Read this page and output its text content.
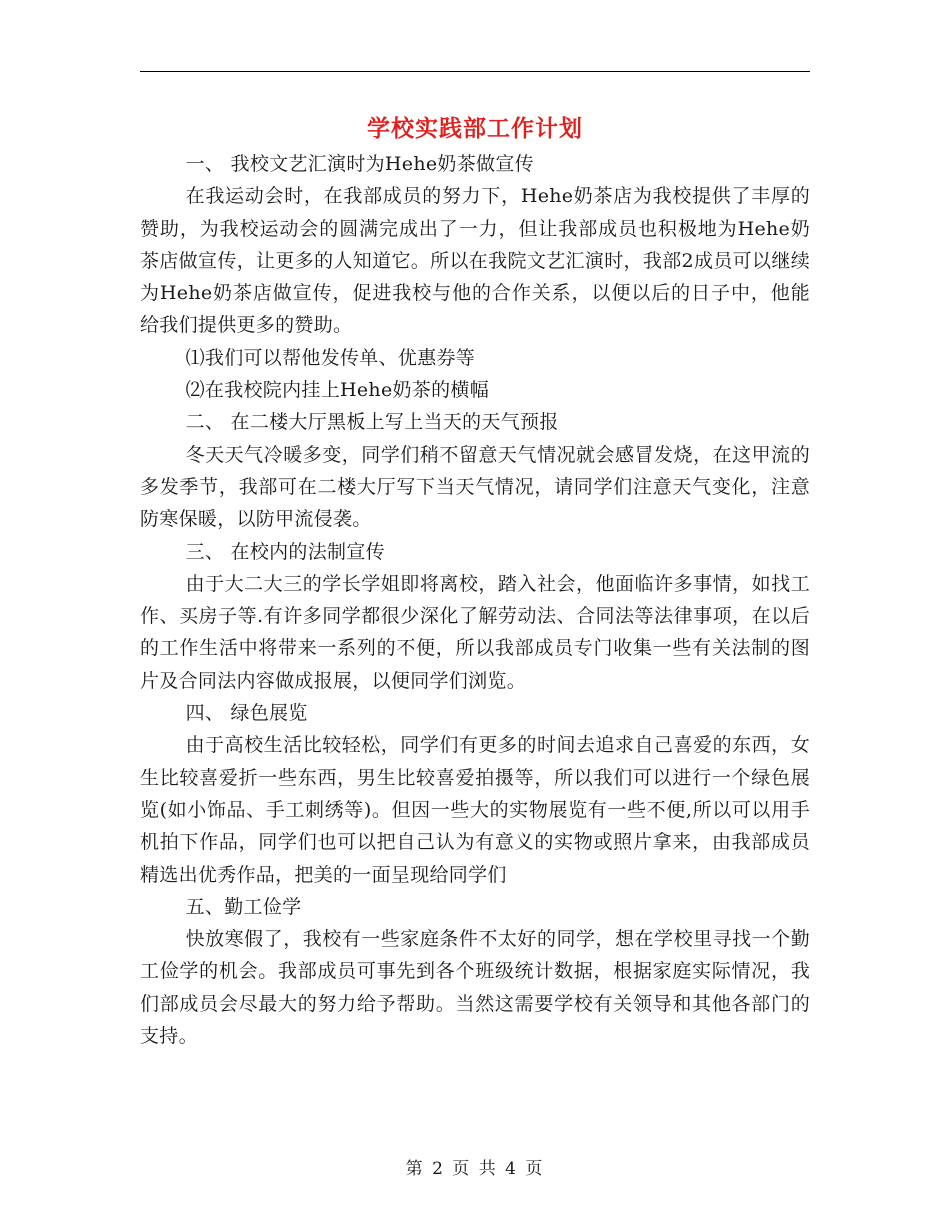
学校实践部工作计划

一、 我校文艺汇演时为Hehe奶茶做宣传

在我运动会时，在我部成员的努力下，Hehe奶茶店为我校提供了丰厚的赞助，为我校运动会的圆满完成出了一力，但让我部成员也积极地为Hehe奶茶店做宣传，让更多的人知道它。所以在我院文艺汇演时，我部2成员可以继续为Hehe奶茶店做宣传，促进我校与他的合作关系，以便以后的日子中，他能给我们提供更多的赞助。

⑴我们可以帮他发传单、优惠券等

⑵在我校院内挂上Hehe奶茶的横幅

二、 在二楼大厅黑板上写上当天的天气预报

冬天天气冷暖多变，同学们稍不留意天气情况就会感冒发烧，在这甲流的多发季节，我部可在二楼大厅写下当天气情况，请同学们注意天气变化，注意防寒保暖，以防甲流侵袭。

三、 在校内的法制宣传

由于大二大三的学长学姐即将离校，踏入社会，他面临许多事情，如找工作、买房子等.有许多同学都很少深化了解劳动法、合同法等法律事项，在以后的工作生活中将带来一系列的不便，所以我部成员专门收集一些有关法制的图片及合同法内容做成报展，以便同学们浏览。

四、 绿色展览

由于高校生活比较轻松，同学们有更多的时间去追求自己喜爱的东西，女生比较喜爱折一些东西，男生比较喜爱拍摄等，所以我们可以进行一个绿色展览(如小饰品、手工刺绣等)。但因一些大的实物展览有一些不便,所以可以用手机拍下作品，同学们也可以把自己认为有意义的实物或照片拿来，由我部成员精选出优秀作品，把美的一面呈现给同学们

五、勤工俭学

快放寒假了，我校有一些家庭条件不太好的同学，想在学校里寻找一个勤工俭学的机会。我部成员可事先到各个班级统计数据，根据家庭实际情况，我们部成员会尽最大的努力给予帮助。当然这需要学校有关领导和其他各部门的支持。

第 2 页 共 4 页
